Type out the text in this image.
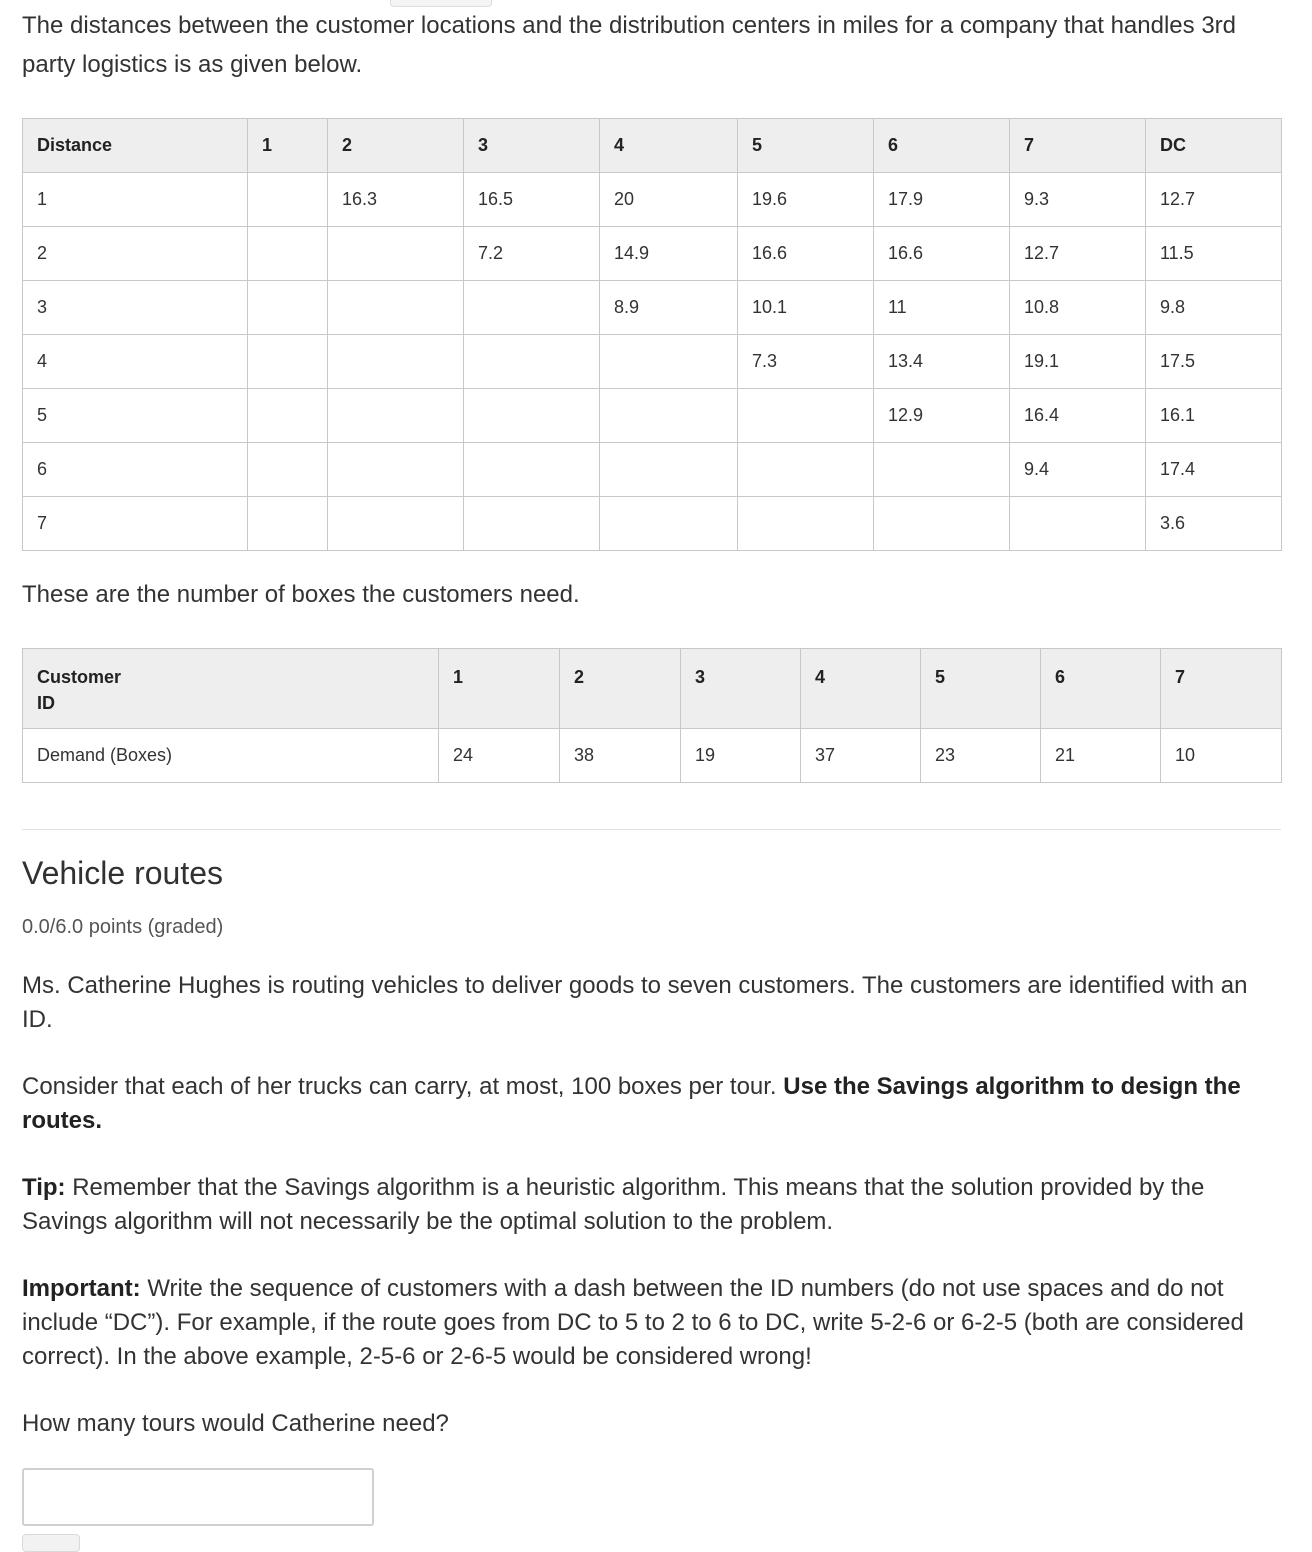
The distances between the customer locations and the distribution centers in miles for a company that handles 3rd party logistics is as given below.

Distance	1	2	3	4	5	6	7	DC
1		16.3	16.5	20	19.6	17.9	9.3	12.7
2			7.2	14.9	16.6	16.6	12.7	11.5
3				8.9	10.1	11	10.8	9.8
4					7.3	13.4	19.1	17.5
5						12.9	16.4	16.1
6							9.4	17.4
7								3.6

These are the number of boxes the customers need.

Customer
ID	1	2	3	4	5	6	7
Demand (Boxes)	24	38	19	37	23	21	10
Vehicle routes

0.0/6.0 points (graded)

Ms. Catherine Hughes is routing vehicles to deliver goods to seven customers. The customers are identified with an ID.

Consider that each of her trucks can carry, at most, 100 boxes per tour. Use the Savings algorithm to design the routes.

Tip: Remember that the Savings algorithm is a heuristic algorithm. This means that the solution provided by the Savings algorithm will not necessarily be the optimal solution to the problem.

Important: Write the sequence of customers with a dash between the ID numbers (do not use spaces and do not include “DC”). For example, if the route goes from DC to 5 to 2 to 6 to DC, write 5-2-6 or 6-2-5 (both are considered correct). In the above example, 2-5-6 or 2-6-5 would be considered wrong!

How many tours would Catherine need?
